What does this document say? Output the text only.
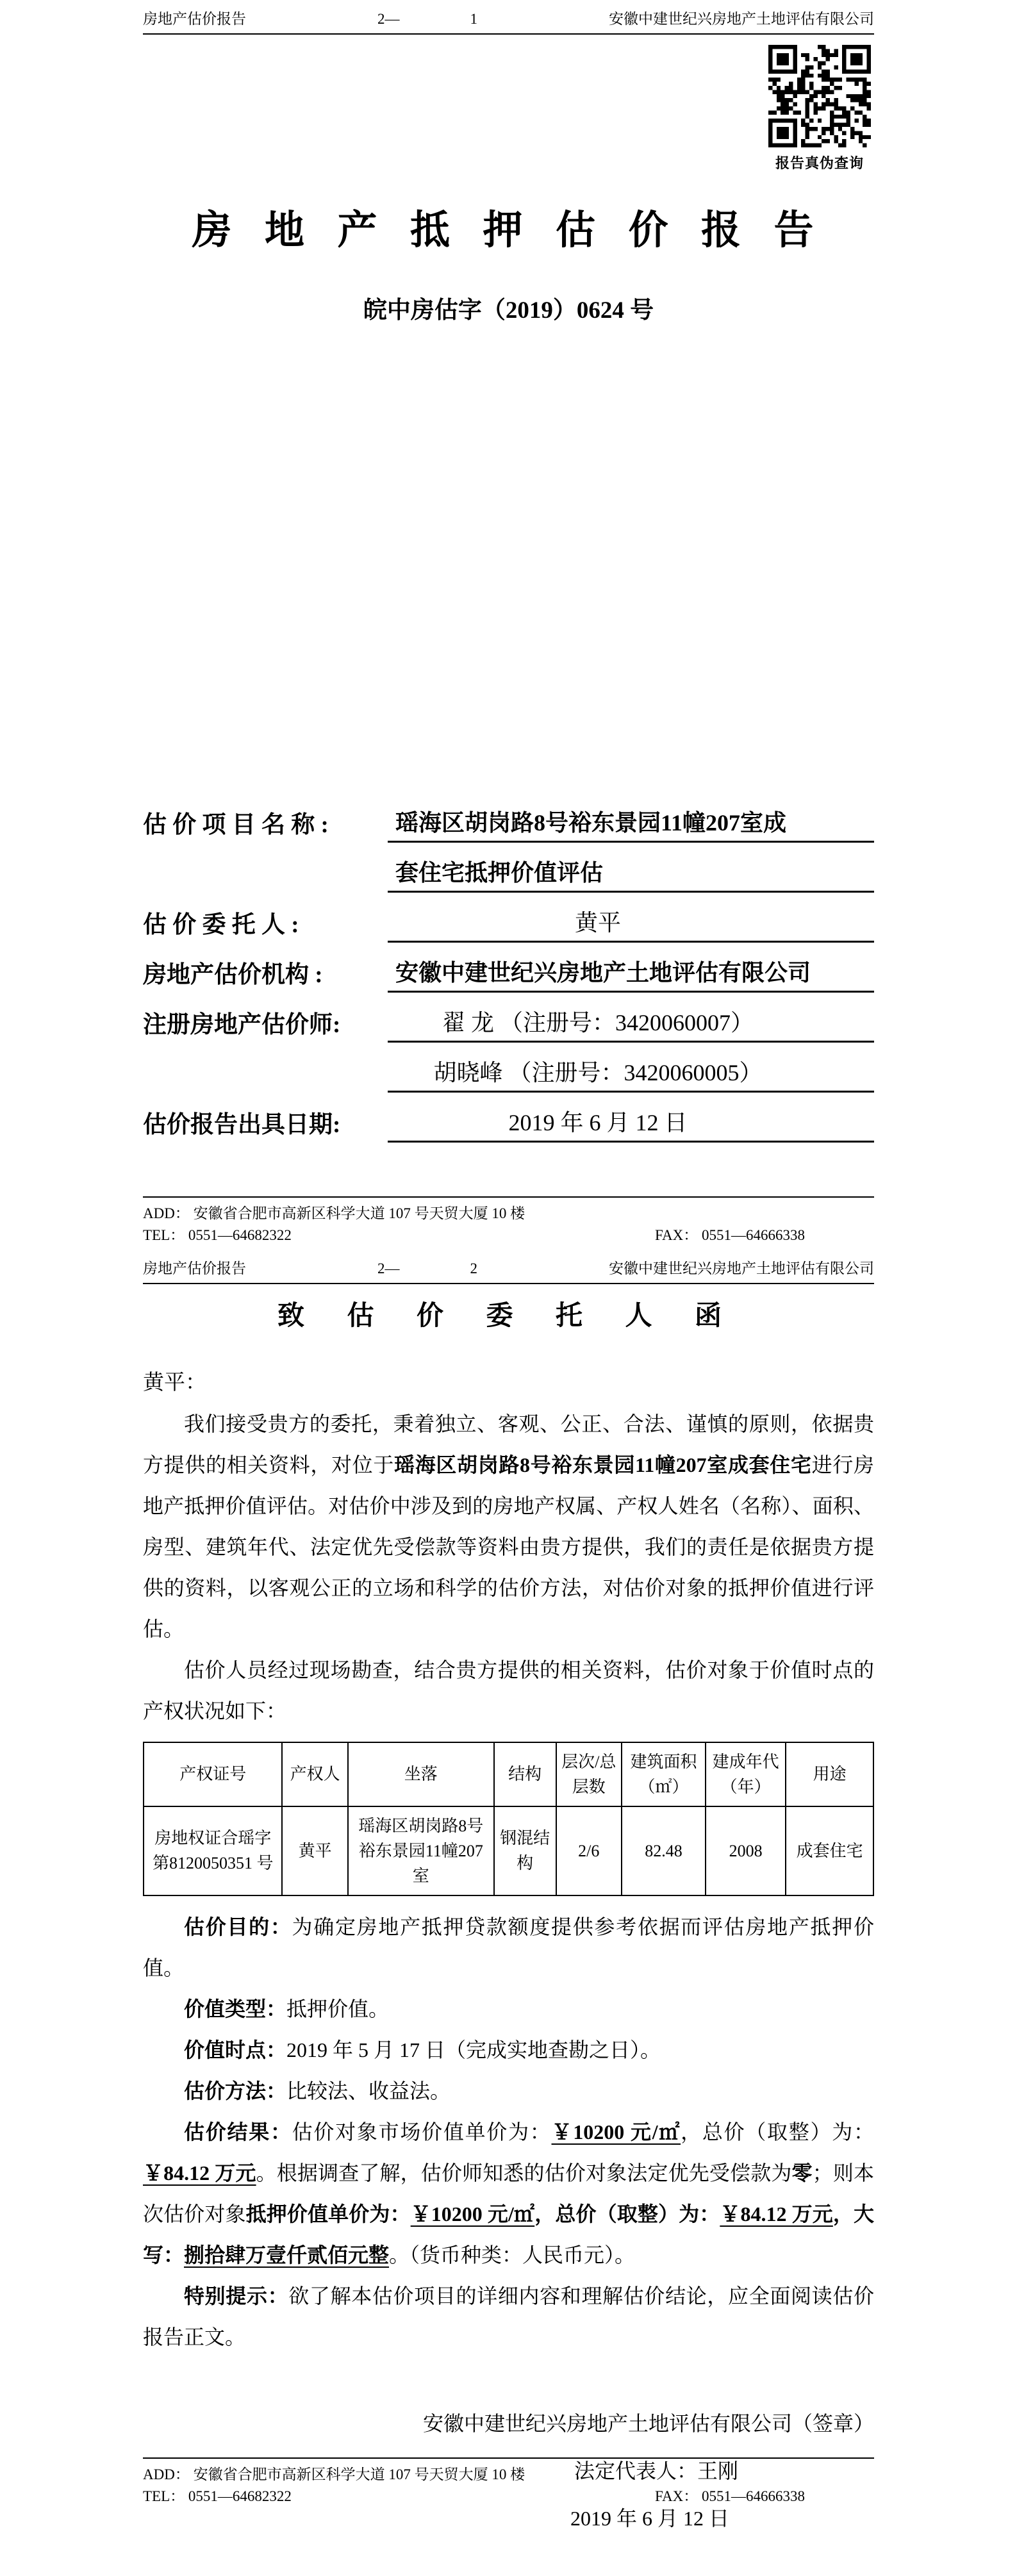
房地产估价报告	2—	1	安徽中建世纪兴房地产土地评估有限公司
报告真伪查询
房 地 产 抵 押 估 价 报 告
皖中房估字（2019）0624 号
估 价 项 目 名 称 :	瑶海区胡岗路8号裕东景园11幢207室成
套住宅抵押价值评估
估 价 委 托 人 :	黄平
房地产估价机构 :	安徽中建世纪兴房地产土地评估有限公司
注册房地产估价师:	翟 龙 （注册号：3420060007）
胡晓峰 （注册号：3420060005）
估价报告出具日期:	2019 年 6 月 12 日
ADD： 安徽省合肥市高新区科学大道 107 号天贸大厦 10 楼
TEL： 0551—64682322	FAX： 0551—64666338
房地产估价报告	2—	2	安徽中建世纪兴房地产土地评估有限公司
致 估 价 委 托 人 函

黄平：

我们接受贵方的委托，秉着独立、客观、公正、合法、谨慎的原则，依据贵方提供的相关资料，对位于瑶海区胡岗路8号裕东景园11幢207室成套住宅进行房地产抵押价值评估。对估价中涉及到的房地产权属、产权人姓名（名称）、面积、房型、建筑年代、法定优先受偿款等资料由贵方提供，我们的责任是依据贵方提供的资料，以客观公正的立场和科学的估价方法，对估价对象的抵押价值进行评估。

估价人员经过现场勘查，结合贵方提供的相关资料，估价对象于价值时点的产权状况如下：

产权证号	产权人	坐落	结构	层次/总层数	建筑面积（㎡）	建成年代（年）	用途
房地权证合瑶字第8120050351 号	黄平	瑶海区胡岗路8号裕东景园11幢207室	钢混结构	2/6	82.48	2008	成套住宅

估价目的：为确定房地产抵押贷款额度提供参考依据而评估房地产抵押价值。

价值类型：抵押价值。

价值时点：2019 年 5 月 17 日（完成实地查勘之日）。

估价方法：比较法、收益法。

估价结果：估价对象市场价值单价为：￥10200 元/㎡，总价（取整）为：￥84.12 万元。根据调查了解，估价师知悉的估价对象法定优先受偿款为零；则本次估价对象抵押价值单价为：￥10200 元/㎡，总价（取整）为：￥84.12 万元，大写：捌拾肆万壹仟贰佰元整。（货币种类：人民币元）。

特别提示：欲了解本估价项目的详细内容和理解估价结论，应全面阅读估价报告正文。

安徽中建世纪兴房地产土地评估有限公司（签章）
法定代表人：王刚
2019 年 6 月 12 日
ADD： 安徽省合肥市高新区科学大道 107 号天贸大厦 10 楼
TEL： 0551—64682322	FAX： 0551—64666338
